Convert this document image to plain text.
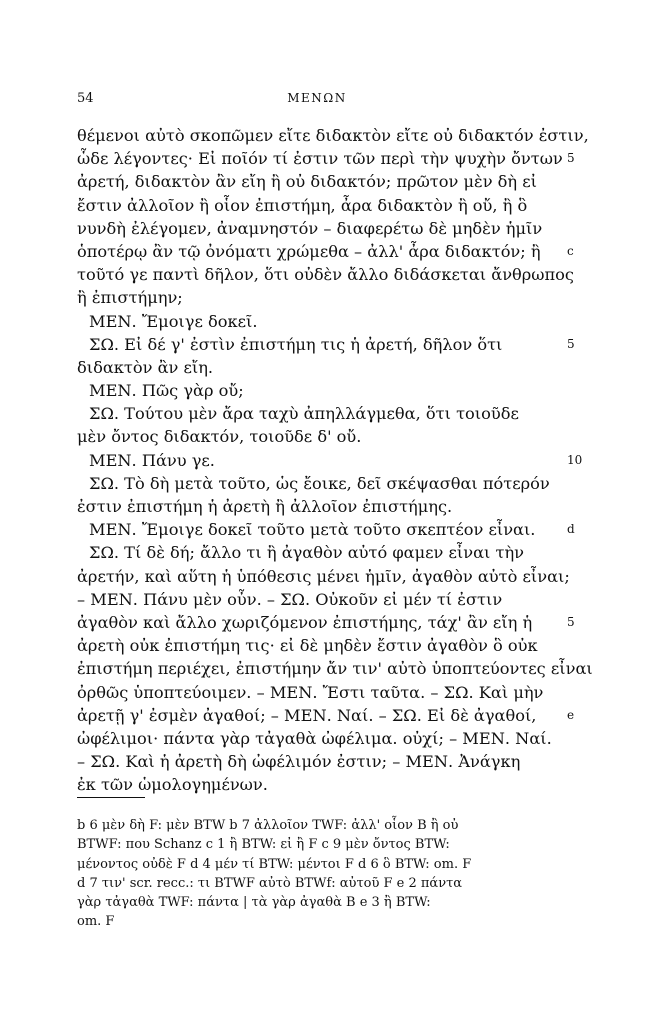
54	ΜΕΝΩΝ
θέμενοι αὐτὸ σκοπῶμεν εἴτε διδακτὸν εἴτε οὐ διδακτόν ἐστιν,
ὧδε λέγοντες· Εἰ ποῖόν τί ἐστιν τῶν περὶ τὴν ψυχὴν ὄντων 5
ἀρετή, διδακτὸν ἂν εἴη ἢ οὐ διδακτόν; πρῶτον μὲν δὴ εἰ
ἔστιν ἀλλοῖον ἢ οἷον ἐπιστήμη, ἆρα διδακτὸν ἢ οὔ, ἢ ὃ
νυνδὴ ἐλέγομεν, ἀναμνηστόν – διαφερέτω δὲ μηδὲν ἡμῖν
ὁποτέρῳ ἂν τῷ ὀνόματι χρώμεθα – ἀλλ' ἆρα διδακτόν; ἢ c
τοῦτό γε παντὶ δῆλον, ὅτι οὐδὲν ἄλλο διδάσκεται ἄνθρωπος
ἢ ἐπιστήμην;
ΜΕΝ. Ἔμοιγε δοκεῖ.
ΣΩ. Εἰ δέ γ' ἐστὶν ἐπιστήμη τις ἡ ἀρετή, δῆλον ὅτι	5
διδακτὸν ἂν εἴη.
ΜΕΝ. Πῶς γὰρ οὔ;
ΣΩ. Τούτου μὲν ἄρα ταχὺ ἀπηλλάγμεθα, ὅτι τοιοῦδε
μὲν ὄντος διδακτόν, τοιοῦδε δ' οὔ.
ΜΕΝ. Πάνυ γε.	10
ΣΩ. Τὸ δὴ μετὰ τοῦτο, ὡς ἔοικε, δεῖ σκέψασθαι πότερόν
ἐστιν ἐπιστήμη ἡ ἀρετὴ ἢ ἀλλοῖον ἐπιστήμης.
ΜΕΝ. Ἔμοιγε δοκεῖ τοῦτο μετὰ τοῦτο σκεπτέον εἶναι.	d
ΣΩ. Τί δὲ δή; ἄλλο τι ἢ ἀγαθὸν αὐτό φαμεν εἶναι τὴν
ἀρετήν, καὶ αὕτη ἡ ὑπόθεσις μένει ἡμῖν, ἀγαθὸν αὐτὸ εἶναι;
– ΜΕΝ. Πάνυ μὲν οὖν. – ΣΩ. Οὐκοῦν εἰ μέν τί ἐστιν
ἀγαθὸν καὶ ἄλλο χωριζόμενον ἐπιστήμης, τάχ' ἂν εἴη ἡ	5
ἀρετὴ οὐκ ἐπιστήμη τις· εἰ δὲ μηδὲν ἔστιν ἀγαθὸν ὃ οὐκ
ἐπιστήμη περιέχει, ἐπιστήμην ἄν τιν' αὐτὸ ὑποπτεύοντες εἶναι
ὀρθῶς ὑποπτεύοιμεν. – ΜΕΝ. Ἔστι ταῦτα. – ΣΩ. Καὶ μὴν
ἀρετῇ γ' ἐσμὲν ἀγαθοί; – ΜΕΝ. Ναί. – ΣΩ. Εἰ δὲ ἀγαθοί,	e
ὠφέλιμοι· πάντα γὰρ τἀγαθὰ ὠφέλιμα. οὐχί; – ΜΕΝ. Ναί.
– ΣΩ. Καὶ ἡ ἀρετὴ δὴ ὠφέλιμόν ἐστιν; – ΜΕΝ. Ἀνάγκη
ἐκ τῶν ὡμολογημένων.
b 6 μὲν δὴ F: μὲν BTW b 7 ἀλλοῖον TWF: ἀλλ' οἷον B ἢ οὐ
BTWF: που Schanz c 1 ἢ BTW: εἰ ἢ F c 9 μὲν ὄντος BTW:
μένοντος οὐδὲ F d 4 μέν τί BTW: μέντοι F d 6 ὃ BTW: om. F
d 7 τιν' scr. recc.: τι BTWF αὐτὸ BTWf: αὐτοῦ F e 2 πάντα
γὰρ τἀγαθὰ TWF: πάντα | τὰ γὰρ ἀγαθὰ B e 3 ἢ BTW:
om. F
